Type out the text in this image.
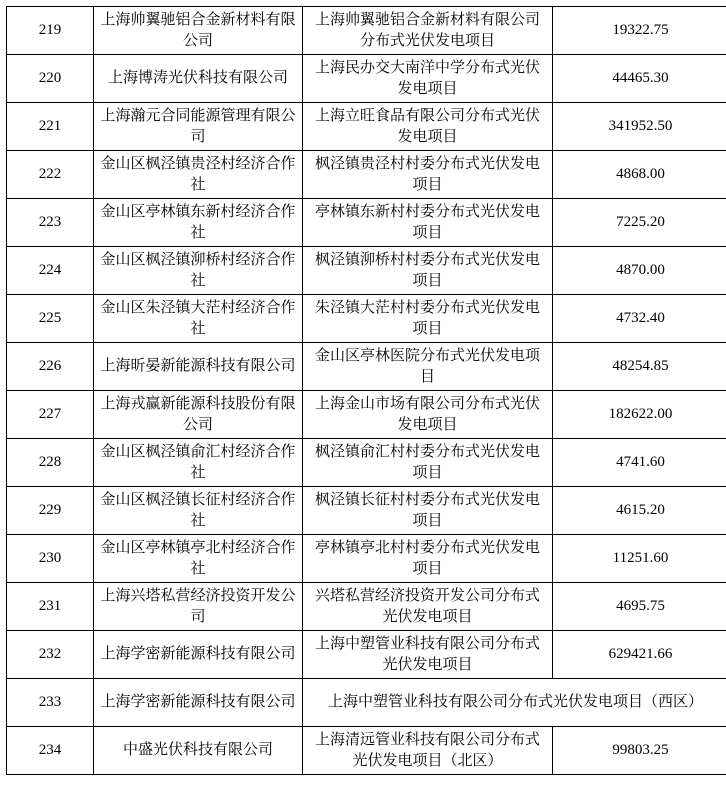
219	上海帅翼驰铝合金新材料有限公司	上海帅翼驰铝合金新材料有限公司分布式光伏发电项目	19322.75

220	上海博涛光伏科技有限公司	上海民办交大南洋中学分布式光伏发电项目	44465.30

221	上海瀚元合同能源管理有限公司	上海立旺食品有限公司分布式光伏发电项目	341952.50

222	金山区枫泾镇贵泾村经济合作社	枫泾镇贵泾村村委分布式光伏发电项目	4868.00

223	金山区亭林镇东新村经济合作社	亭林镇东新村村委分布式光伏发电项目	7225.20

224	金山区枫泾镇泖桥村经济合作社	枫泾镇泖桥村村委分布式光伏发电项目	4870.00

225	金山区朱泾镇大茫村经济合作社	朱泾镇大茫村村委分布式光伏发电项目	4732.40

226	上海昕晏新能源科技有限公司	金山区亭林医院分布式光伏发电项目	48254.85

227	上海戎赢新能源科技股份有限公司	上海金山市场有限公司分布式光伏发电项目	182622.00

228	金山区枫泾镇俞汇村经济合作社	枫泾镇俞汇村村委分布式光伏发电项目	4741.60

229	金山区枫泾镇长征村经济合作社	枫泾镇长征村村委分布式光伏发电项目	4615.20

230	金山区亭林镇亭北村经济合作社	亭林镇亭北村村委分布式光伏发电项目	11251.60

231	上海兴塔私营经济投资开发公司	兴塔私营经济投资开发公司分布式光伏发电项目	4695.75

232	上海学密新能源科技有限公司	上海中塑管业科技有限公司分布式光伏发电项目	629421.66

233	上海学密新能源科技有限公司	上海中塑管业科技有限公司分布式光伏发电项目（西区）	

234	中盛光伏科技有限公司	上海清远管业科技有限公司分布式光伏发电项目（北区）	99803.25
